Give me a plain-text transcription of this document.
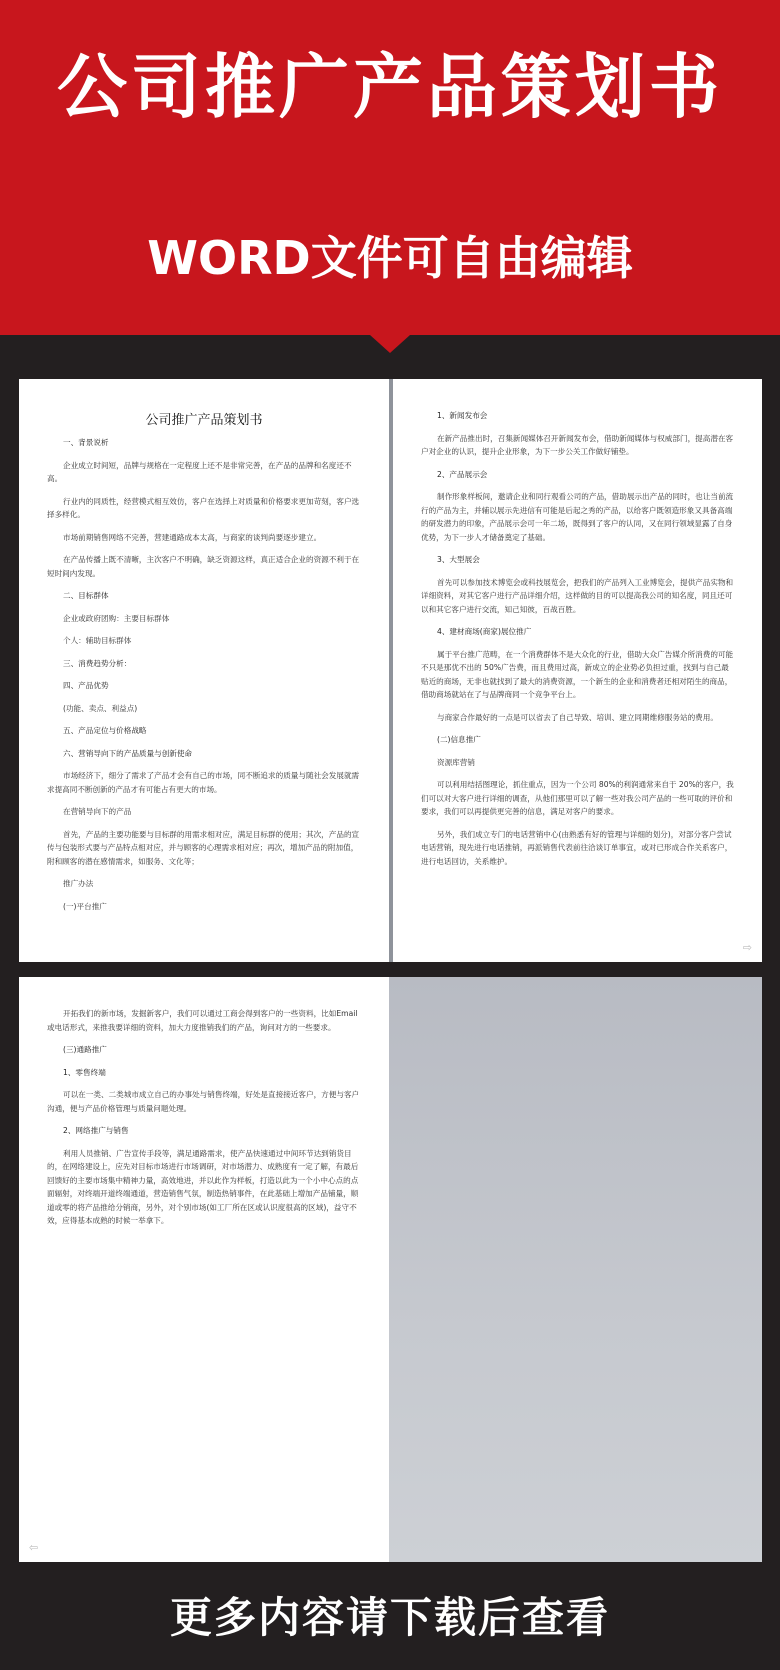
公司推广产品策划书
WORD文件可自由编辑
公司推广产品策划书
一、背景说析
企业成立时间短，品牌与规格在一定程度上还不是非常完善，在产品的品牌和名度还不高。
行业内的同质性，经营模式相互效仿，客户在选择上对质量和价格要求更加苛刻，客户选择多样化。
市场前期销售网络不完善，营建通路成本太高，与商家的谈判尚要逐步建立。
在产品传播上既不清晰，主次客户不明确，缺乏资源这样，真正适合企业的资源不利于在短时间内发现。
二、目标群体
企业或政府团购：主要目标群体
个人：辅助目标群体
三、消费趋势分析：
四、产品优势
(功能、卖点、利益点)
五、产品定位与价格战略
六、营销导向下的产品质量与创新使命
市场经济下，细分了需求了产品才会有自己的市场，同不断追求的质量与随社会发展就需求提高同不断创新的产品才有可能占有更大的市场。
在营销导向下的产品
首先，产品的主要功能要与目标群的用需求相对应，满足目标群的使用；其次，产品的宣传与包装形式要与产品特点相对应，并与顾客的心理需求相对应；再次，增加产品的附加值，附和顾客的潜在感情需求，如服务、文化等；
推广办法
(一)平台推广
1、新闻发布会
在新产品推出时，召集新闻媒体召开新闻发布会，借助新闻媒体与权威部门，提高潜在客户对企业的认识，提升企业形象，为下一步公关工作做好铺垫。
2、产品展示会
制作形象样板间，邀请企业和同行观看公司的产品，借助展示出产品的同时，也让当前流行的产品为主，并辅以展示先进信有可能是后起之秀的产品，以给客户既领造形象又具备高端的研发潜力的印象，产品展示会可一年二场，既得到了客户的认同，又在同行领域显露了自身优势，为下一步人才储备奠定了基础。
3、大型展会
首先可以参加技术博览会或科技展览会，把我们的产品列入工业博览会，提供产品实物和详细资料，对其它客户进行产品详细介绍，这样做的目的可以提高我公司的知名度，同且还可以和其它客户进行交流，知己知彼，百战百胜。
4、建材商场(商家)展位推广
属于平台推广范畴，在一个消费群体不是大众化的行业，借助大众广告媒介所消费的可能不只是那优不出的 50%广告费，而且费用过高，新成立的企业势必负担过重，找到与自己最贴近的商场，无非也就找到了最大的消费资源，一个新生的企业和消费者还相对陌生的商品，借助商场就站在了与品牌商同一个竞争平台上。
与商家合作最好的一点是可以省去了自己导致、培训、建立同期维修服务站的费用。
(二)信息推广
资源库营销
可以利用结括图理论，抓住重点，因为一个公司 80%的利润通常来自于 20%的客户，我们可以对大客户进行详细的调查，从他们那里可以了解一些对我公司产品的一些可取的评价和要求，我们可以再提供更完善的信息，满足对客户的要求。
另外，我们成立专门的电话营销中心(由熟悉有好的管理与详细的划分)，对部分客户尝试电话营销，现先进行电话推销，再派销售代表前往洽谈订单事宜，或对已形成合作关系客户，进行电话回访，关系维护。
⇨
开拓我们的新市场，发掘新客户，我们可以通过工商会得到客户的一些资料，比如Email或电话形式，来推我要详细的资料，加大力度推销我们的产品，询问对方的一些要求。
(三)通路推广
1、零售终端
可以在一类、二类城市成立自己的办事处与销售终端，好处是直接接近客户，方便与客户沟通，便与产品价格管理与质量问题处理。
2、网络推广与销售
利用人员推销、广告宣传手段等，满足通路需求，使产品快速通过中间环节达到销货目的，在网络建设上，应先对目标市场进行市场调研，对市场潜力、成熟度有一定了解，有最后回馈好的主要市场集中精神力量，高效地进，并以此作为样板，打造以此为一个小中心点的点面辐射，对终端开道终端通道，营造销售气氛，制造热销事件，在此基础上增加产品铺量，顺道或零的将产品推给分销商，另外，对个别市场(如工厂所在区或认识度很高的区域)，益守不效，应得基本成熟的时候一举拿下。
⇦
更多内容请下载后查看
